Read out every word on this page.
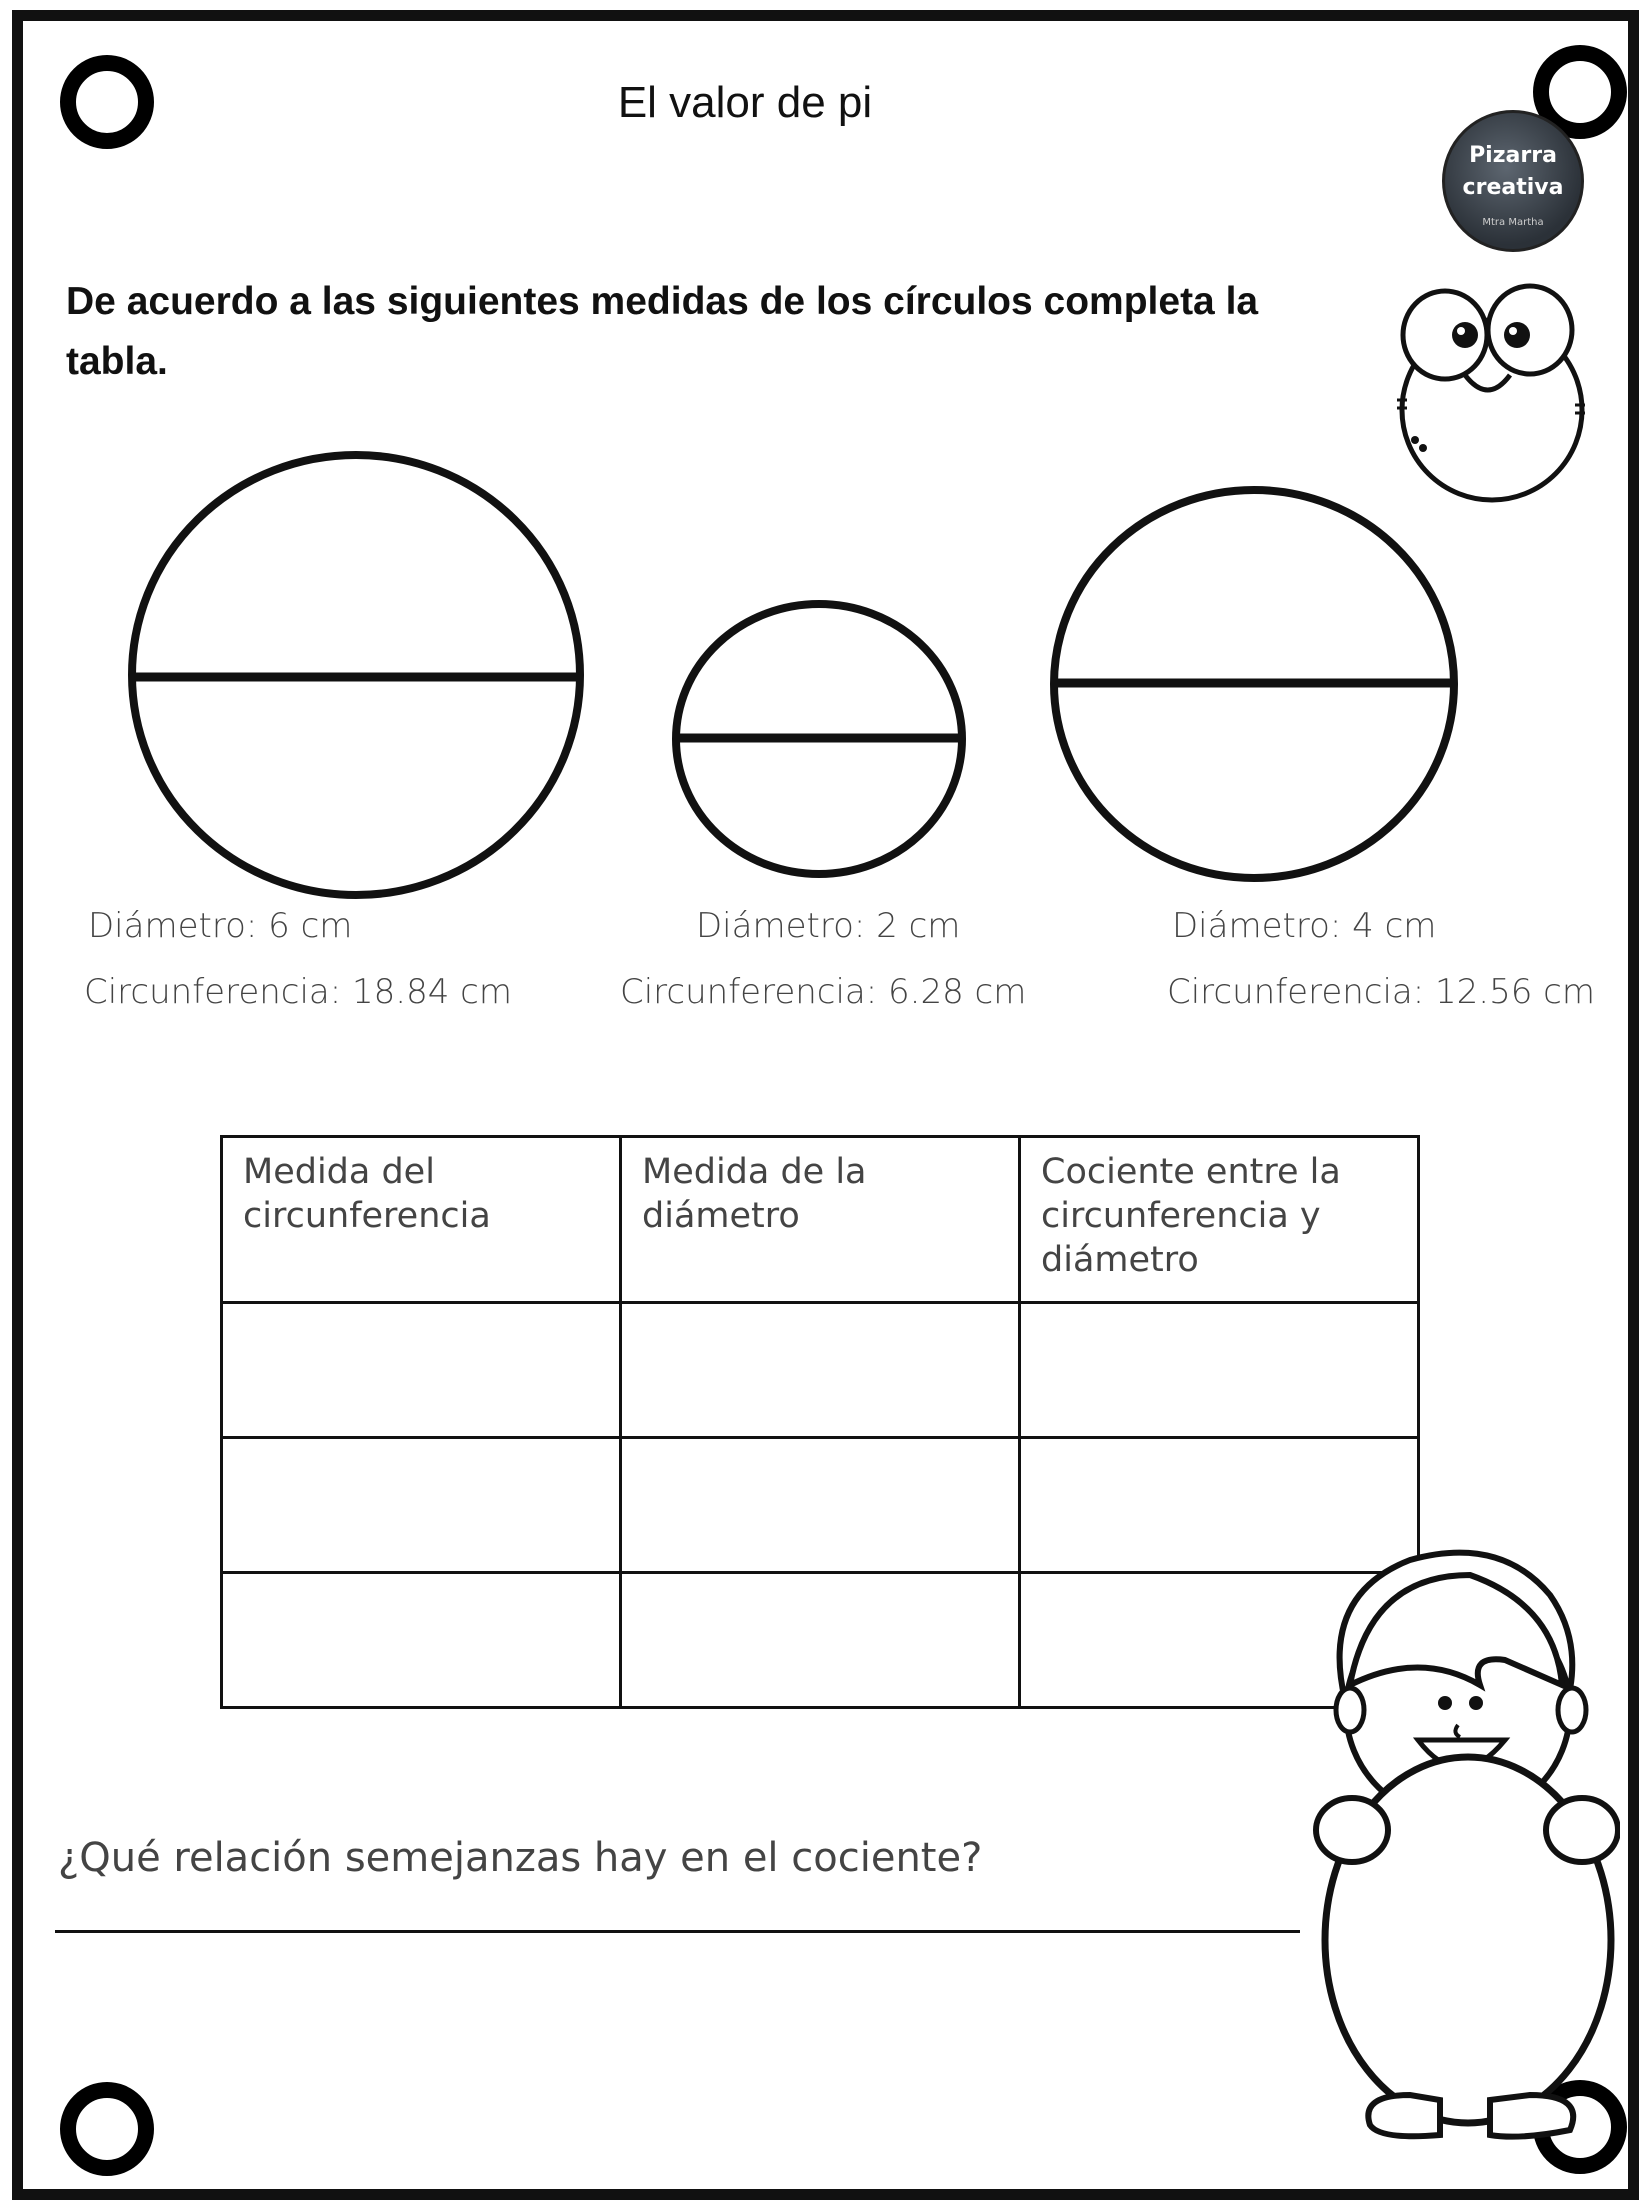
El valor de pi
Pizarra
creativa
Mtra Martha
De acuerdo a las siguientes medidas de los círculos completa la tabla.
Diámetro: 6 cm
Circunferencia: 18.84 cm
Diámetro: 2 cm
Circunferencia: 6.28 cm
Diámetro: 4 cm
Circunferencia: 12.56 cm
Medida del circunferencia	Medida de la diámetro	Cociente entre la circunferencia y diámetro

¿Qué relación semejanzas hay en el cociente?
